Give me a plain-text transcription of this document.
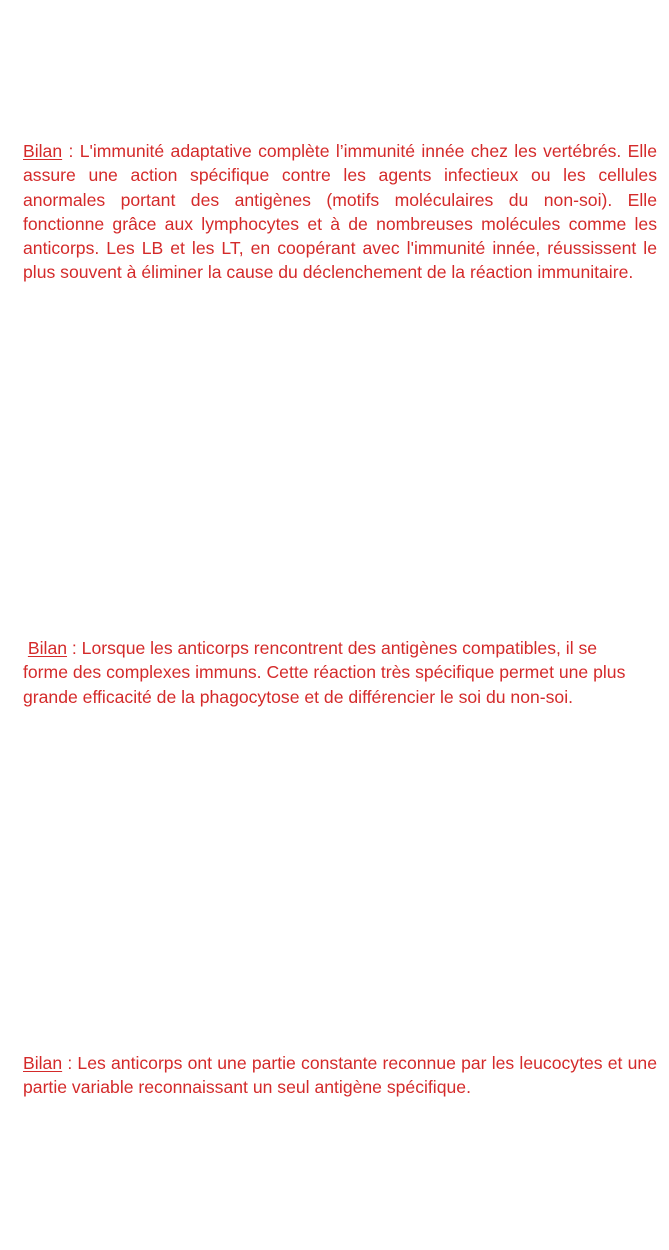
Bilan : L'immunité adaptative complète l’immunité innée chez les vertébrés. Elle assure une action spécifique contre les agents infectieux ou les cellules anormales portant des antigènes (motifs moléculaires du non-soi). Elle fonctionne grâce aux lymphocytes et à de nombreuses molécules comme les anticorps. Les LB et les LT, en coopérant avec l'immunité innée, réussissent le plus souvent à éliminer la cause du déclenchement de la réaction immunitaire.

Bilan : Lorsque les anticorps rencontrent des antigènes compatibles, il se forme des complexes immuns. Cette réaction très spécifique permet une plus grande efficacité de la phagocytose et de différencier le soi du non-soi.

Bilan : Les anticorps ont une partie constante reconnue par les leucocytes et une partie variable reconnaissant un seul antigène spécifique.
